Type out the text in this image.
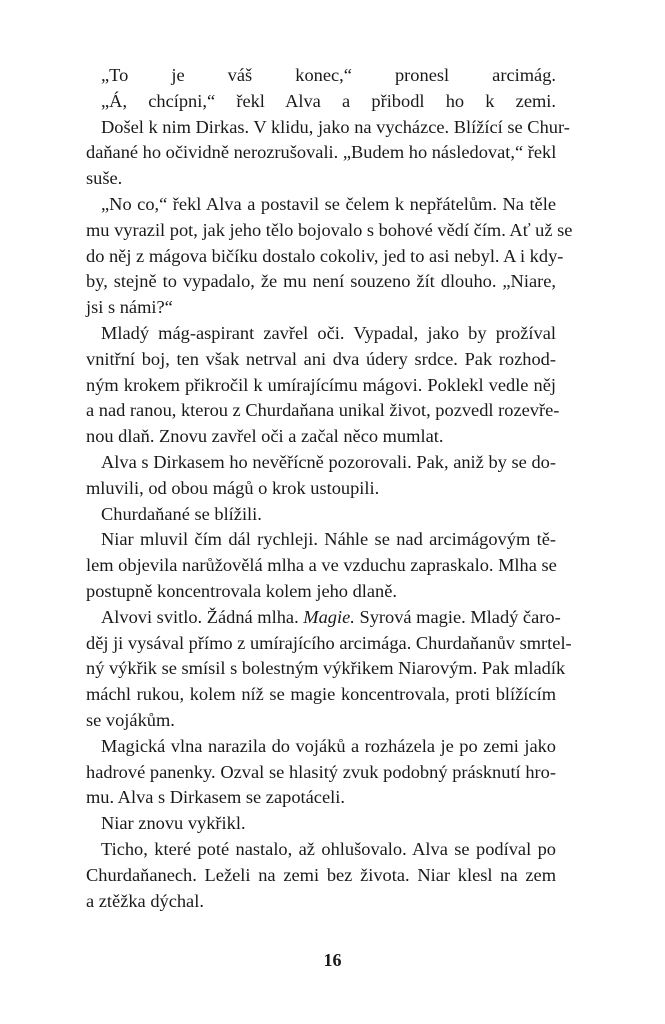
„To je váš konec,“ pronesl arcimág.
„Á, chcípni,“ řekl Alva a přibodl ho k zemi.
Došel k nim Dirkas. V klidu, jako na vycházce. Blížící se Chur-
daňané ho očividně nerozrušovali. „Budem ho následovat,“ řekl
suše.
„No co,“ řekl Alva a postavil se čelem k nepřátelům. Na těle
mu vyrazil pot, jak jeho tělo bojovalo s bohové vědí čím. Ať už se
do něj z mágova bičíku dostalo cokoliv, jed to asi nebyl. A i kdy-
by, stejně to vypadalo, že mu není souzeno žít dlouho. „Niare,
jsi s námi?“
Mladý mág-aspirant zavřel oči. Vypadal, jako by prožíval
vnitřní boj, ten však netrval ani dva údery srdce. Pak rozhod-
ným krokem přikročil k umírajícímu mágovi. Poklekl vedle něj
a nad ranou, kterou z Churdaňana unikal život, pozvedl rozevře-
nou dlaň. Znovu zavřel oči a začal něco mumlat.
Alva s Dirkasem ho nevěřícně pozorovali. Pak, aniž by se do-
mluvili, od obou mágů o krok ustoupili.
Churdaňané se blížili.
Niar mluvil čím dál rychleji. Náhle se nad arcimágovým tě-
lem objevila narůžovělá mlha a ve vzduchu zapraskalo. Mlha se
postupně koncentrovala kolem jeho dlaně.
Alvovi svitlo. Žádná mlha. Magie. Syrová magie. Mladý čaro-
děj ji vysával přímo z umírajícího arcimága. Churdaňanův smrtel-
ný výkřik se smísil s bolestným výkřikem Niarovým. Pak mladík
máchl rukou, kolem níž se magie koncentrovala, proti blížícím
se vojákům.
Magická vlna narazila do vojáků a rozházela je po zemi jako
hadrové panenky. Ozval se hlasitý zvuk podobný prásknutí hro-
mu. Alva s Dirkasem se zapotáceli.
Niar znovu vykřikl.
Ticho, které poté nastalo, až ohlušovalo. Alva se podíval po
Churdaňanech. Leželi na zemi bez života. Niar klesl na zem
a ztěžka dýchal.
16
